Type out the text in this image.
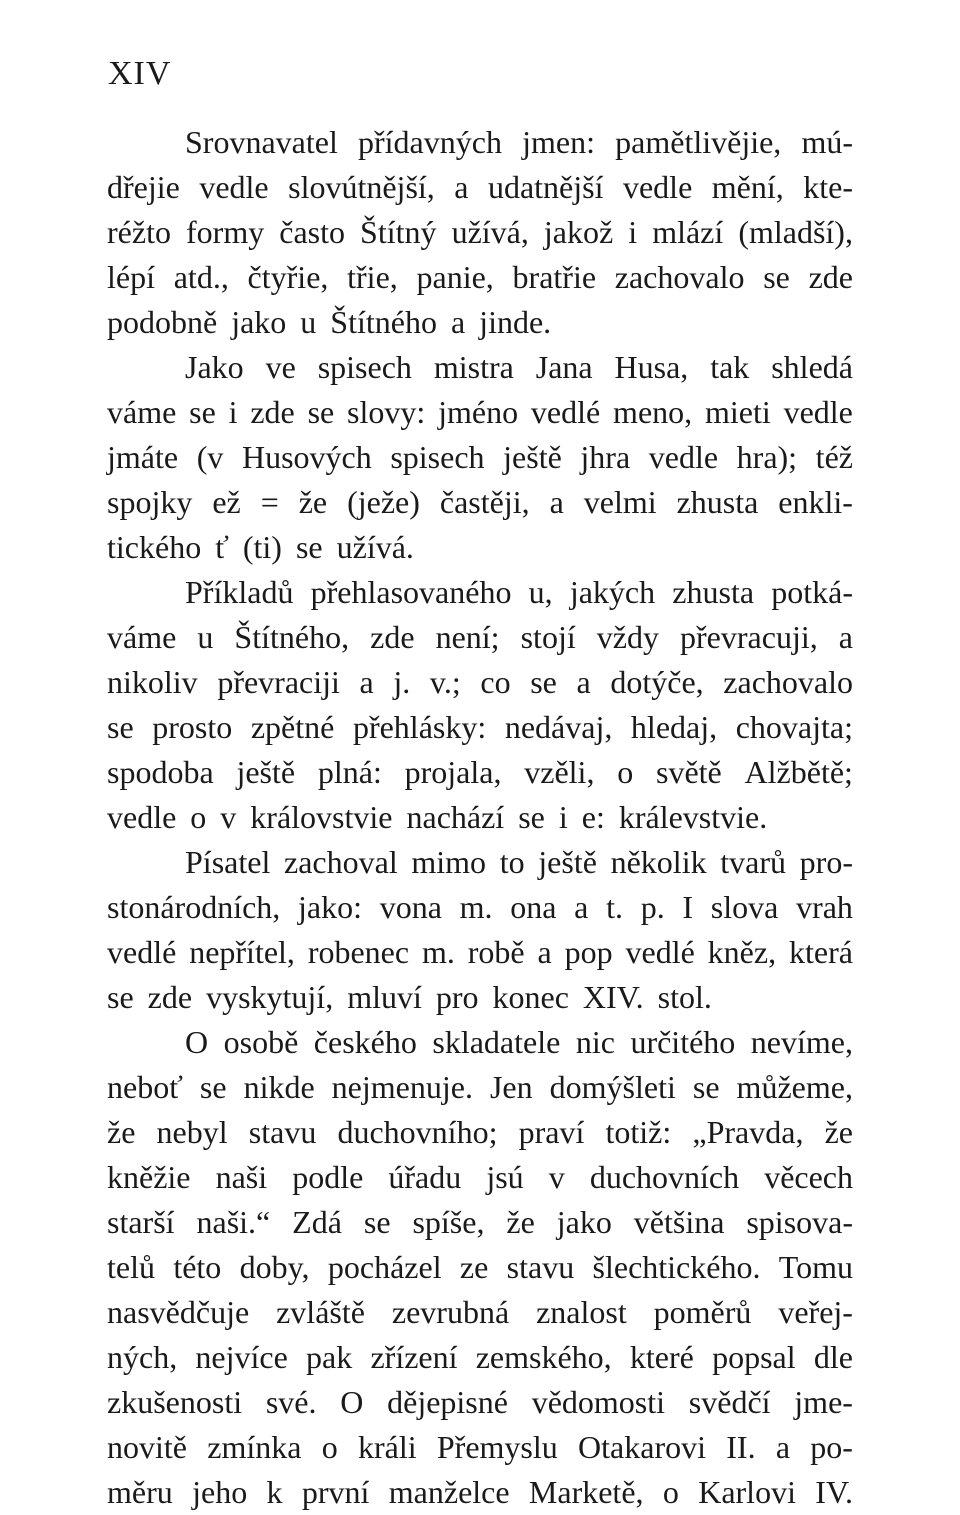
XIV
Srovnavatel přídavných jmen: pamětlivějie, mú-
dřejie vedle slovútnější, a udatnější vedle mění, kte-
réžto formy často Štítný užívá, jakož i mlází (mladší),
lépí atd., čtyřie, třie, panie, bratřie zachovalo se zde
podobně jako u Štítného a jinde.
Jako ve spisech mistra Jana Husa, tak shledá
váme se i zde se slovy: jméno vedlé meno, mieti vedle
jmáte (v Husových spisech ještě jhra vedle hra); též
spojky ež = že (ježe) častěji, a velmi zhusta enkli-
tického ť (ti) se užívá.
Příkladů přehlasovaného u, jakých zhusta potká-
váme u Štítného, zde není; stojí vždy převracuji, a
nikoliv převraciji a j. v.; co se a dotýče, zachovalo
se prosto zpětné přehlásky: nedávaj, hledaj, chovajta;
spodoba ještě plná: projala, vzěli, o světě Alžbětě;
vedle o v královstvie nachází se i e: králevstvie.
Písatel zachoval mimo to ještě několik tvarů pro-
stonárodních, jako: vona m. ona a t. p. I slova vrah
vedlé nepřítel, robenec m. robě a pop vedlé kněz, která
se zde vyskytují, mluví pro konec XIV. stol.
O osobě českého skladatele nic určitého nevíme,
neboť se nikde nejmenuje. Jen domýšleti se můžeme,
že nebyl stavu duchovního; praví totiž: „Pravda, že
kněžie naši podle úřadu jsú v duchovních věcech
starší naši.“ Zdá se spíše, že jako většina spisova-
telů této doby, pocházel ze stavu šlechtického. Tomu
nasvědčuje zvláště zevrubná znalost poměrů veřej-
ných, nejvíce pak zřízení zemského, které popsal dle
zkušenosti své. O dějepisné vědomosti svědčí jme-
novitě zmínka o králi Přemyslu Otakarovi II. a po-
měru jeho k první manželce Marketě, o Karlovi IV.
